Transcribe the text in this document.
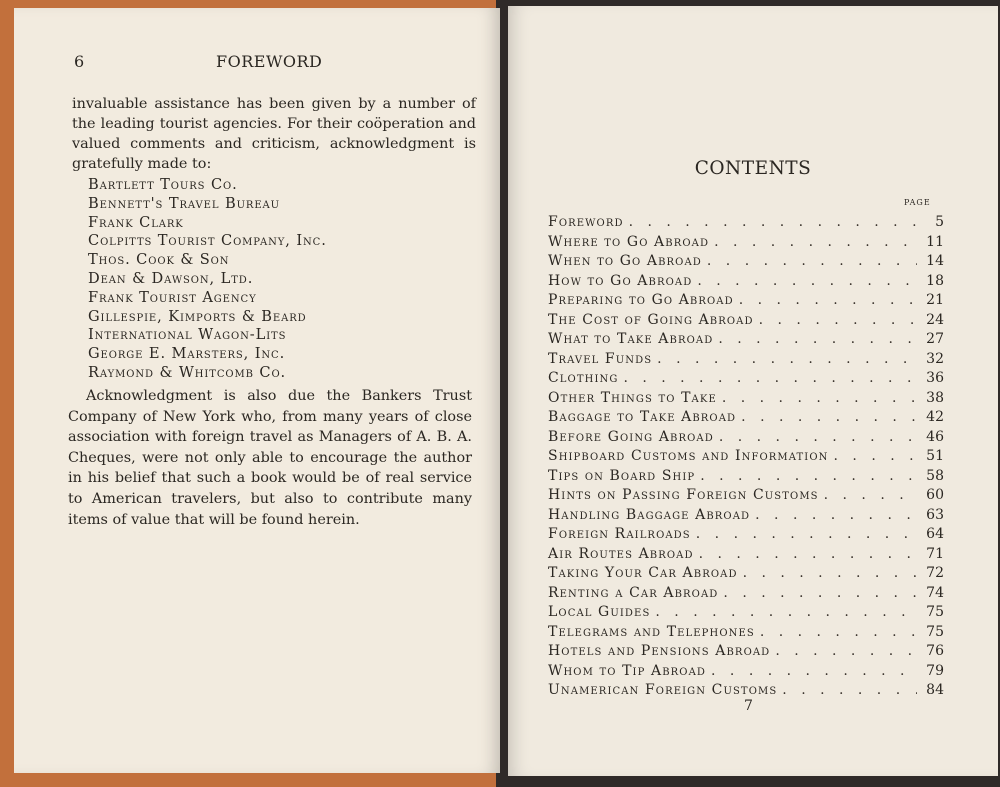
6	FOREWORD

invaluable assistance has been given by a number of the leading tourist agencies. For their coöperation and valued comments and criticism, acknowledgment is gratefully made to:

Bartlett Tours Co.
Bennett's Travel Bureau
Frank Clark
Colpitts Tourist Company, Inc.
Thos. Cook & Son
Dean & Dawson, Ltd.
Frank Tourist Agency
Gillespie, Kimports & Beard
International Wagon-Lits
George E. Marsters, Inc.
Raymond & Whitcomb Co.

Acknowledgment is also due the Bankers Trust Company of New York who, from many years of close association with foreign travel as Managers of A. B. A. Cheques, were not only able to encourage the author in his belief that such a book would be of real service to American travelers, but also to contribute many items of value that will be found herein.

CONTENTS
page
Foreword . . .	5
Where to Go Abroad . . .	11
When to Go Abroad . . .	14
How to Go Abroad . . .	18
Preparing to Go Abroad . . .	21
The Cost of Going Abroad . . .	24
What to Take Abroad . . .	27
Travel Funds . . .	32
Clothing . . .	36
Other Things to Take . . .	38
Baggage to Take Abroad . . .	42
Before Going Abroad . . .	46
Shipboard Customs and Information . . .	51
Tips on Board Ship . . .	58
Hints on Passing Foreign Customs . . .	60
Handling Baggage Abroad . . .	63
Foreign Railroads . . .	64
Air Routes Abroad . . .	71
Taking Your Car Abroad . . .	72
Renting a Car Abroad . . .	74
Local Guides . . .	75
Telegrams and Telephones . . .	75
Hotels and Pensions Abroad . . .	76
Whom to Tip Abroad . . .	79
Unamerican Foreign Customs . . .	84
7
